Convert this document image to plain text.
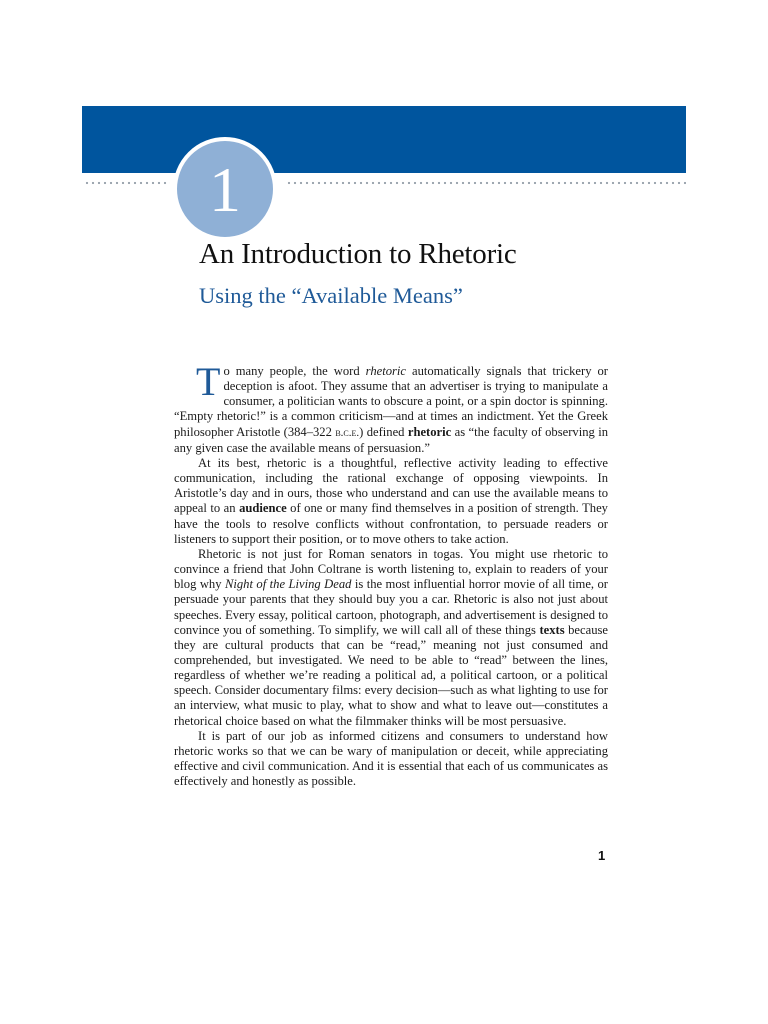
1
An Introduction to Rhetoric
Using the “Available Means”

To many people, the word rhetoric automatically signals that trickery or deception is afoot. They assume that an advertiser is trying to manipulate a consumer, a politician wants to obscure a point, or a spin doctor is spinning. “Empty rhetoric!” is a common criticism—and at times an indictment. Yet the Greek philosopher Aristotle (384–322 b.c.e.) defined rhetoric as “the faculty of observing in any given case the available means of persuasion.”

At its best, rhetoric is a thoughtful, reflective activity leading to effective communication, including the rational exchange of opposing viewpoints. In Aristotle’s day and in ours, those who understand and can use the available means to appeal to an audience of one or many find themselves in a position of strength. They have the tools to resolve conflicts without confrontation, to persuade readers or listeners to support their position, or to move others to take action.

Rhetoric is not just for Roman senators in togas. You might use rhetoric to convince a friend that John Coltrane is worth listening to, explain to readers of your blog why Night of the Living Dead is the most influential horror movie of all time, or persuade your parents that they should buy you a car. Rhetoric is also not just about speeches. Every essay, political cartoon, photograph, and advertisement is designed to convince you of something. To simplify, we will call all of these things texts because they are cultural products that can be “read,” meaning not just consumed and comprehended, but investigated. We need to be able to “read” between the lines, regardless of whether we’re reading a political ad, a political cartoon, or a political speech. Consider documentary films: every decision—such as what lighting to use for an interview, what music to play, what to show and what to leave out—constitutes a rhetorical choice based on what the filmmaker thinks will be most persuasive.

It is part of our job as informed citizens and consumers to understand how rhetoric works so that we can be wary of manipulation or deceit, while appreciating effective and civil communication. And it is essential that each of us communicates as effectively and honestly as possible.

1
